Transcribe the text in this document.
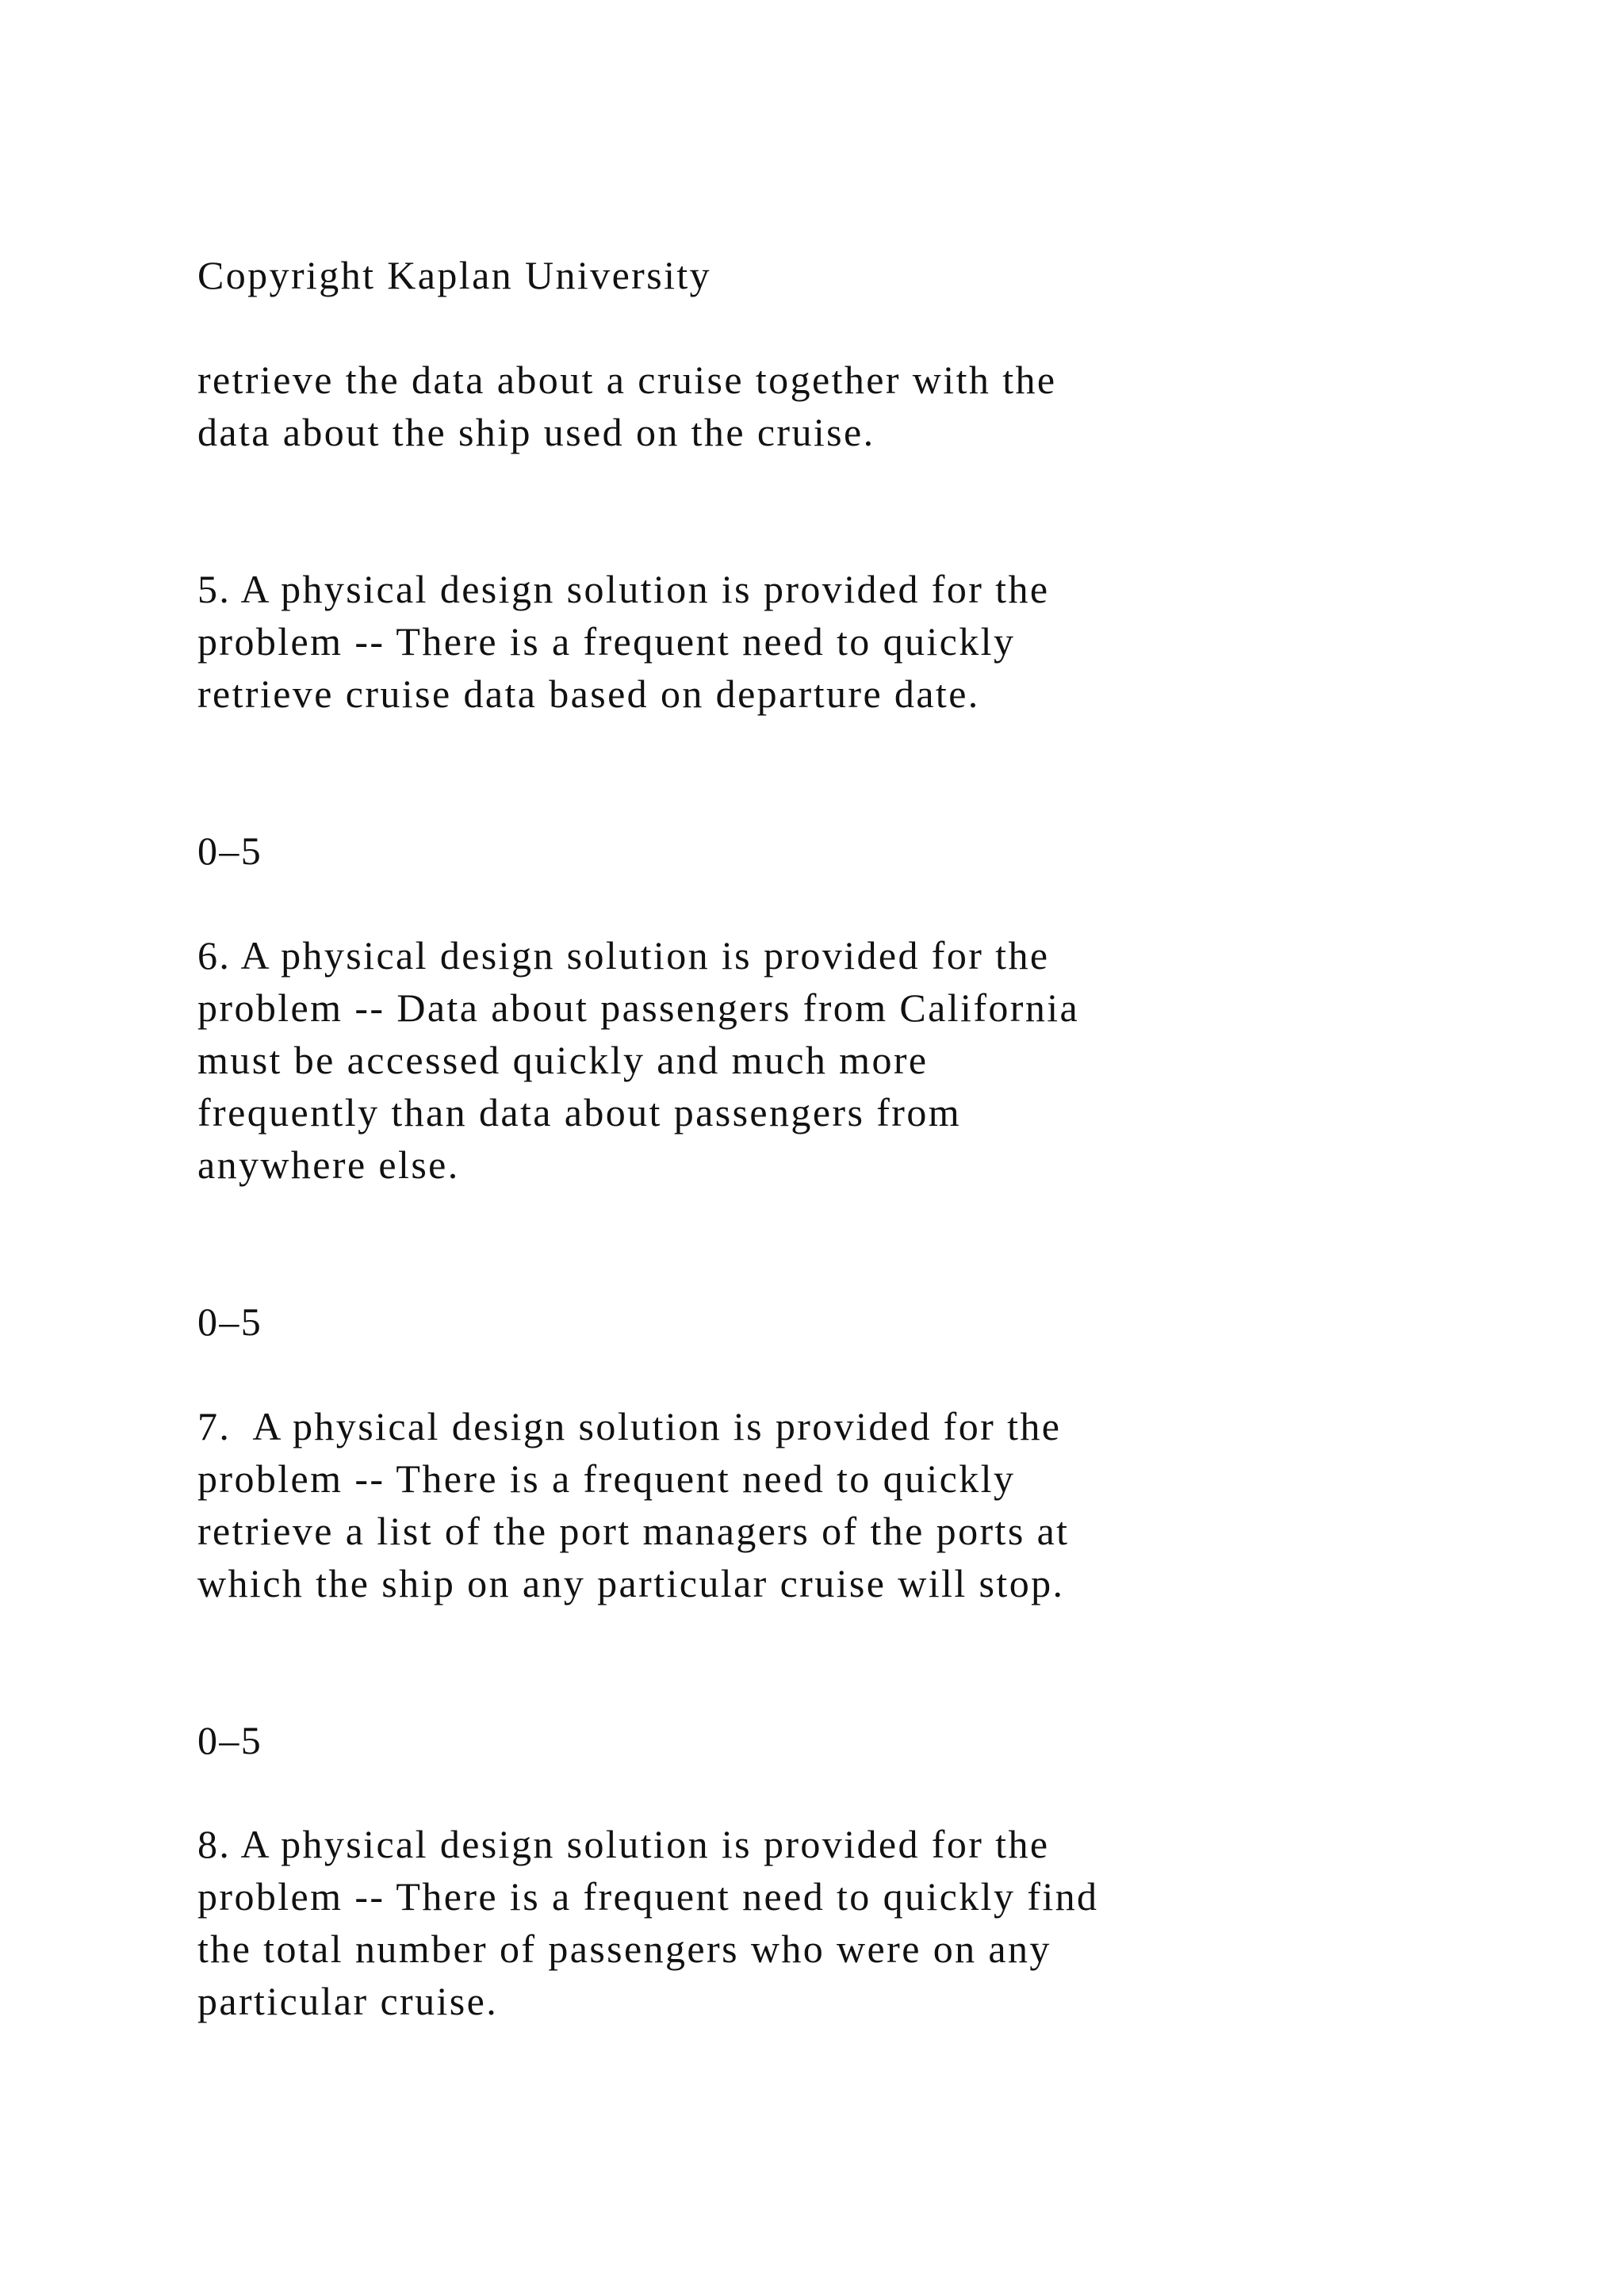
Copyright Kaplan University

retrieve the data about a cruise together with the

data about the ship used on the cruise.

5. A physical design solution is provided for the

problem -- There is a frequent need to quickly

retrieve cruise data based on departure date.

0–5

6. A physical design solution is provided for the

problem -- Data about passengers from California

must be accessed quickly and much more

frequently than data about passengers from

anywhere else.

0–5

7.  A physical design solution is provided for the

problem -- There is a frequent need to quickly

retrieve a list of the port managers of the ports at

which the ship on any particular cruise will stop.

0–5

8. A physical design solution is provided for the

problem -- There is a frequent need to quickly find

the total number of passengers who were on any

particular cruise.
